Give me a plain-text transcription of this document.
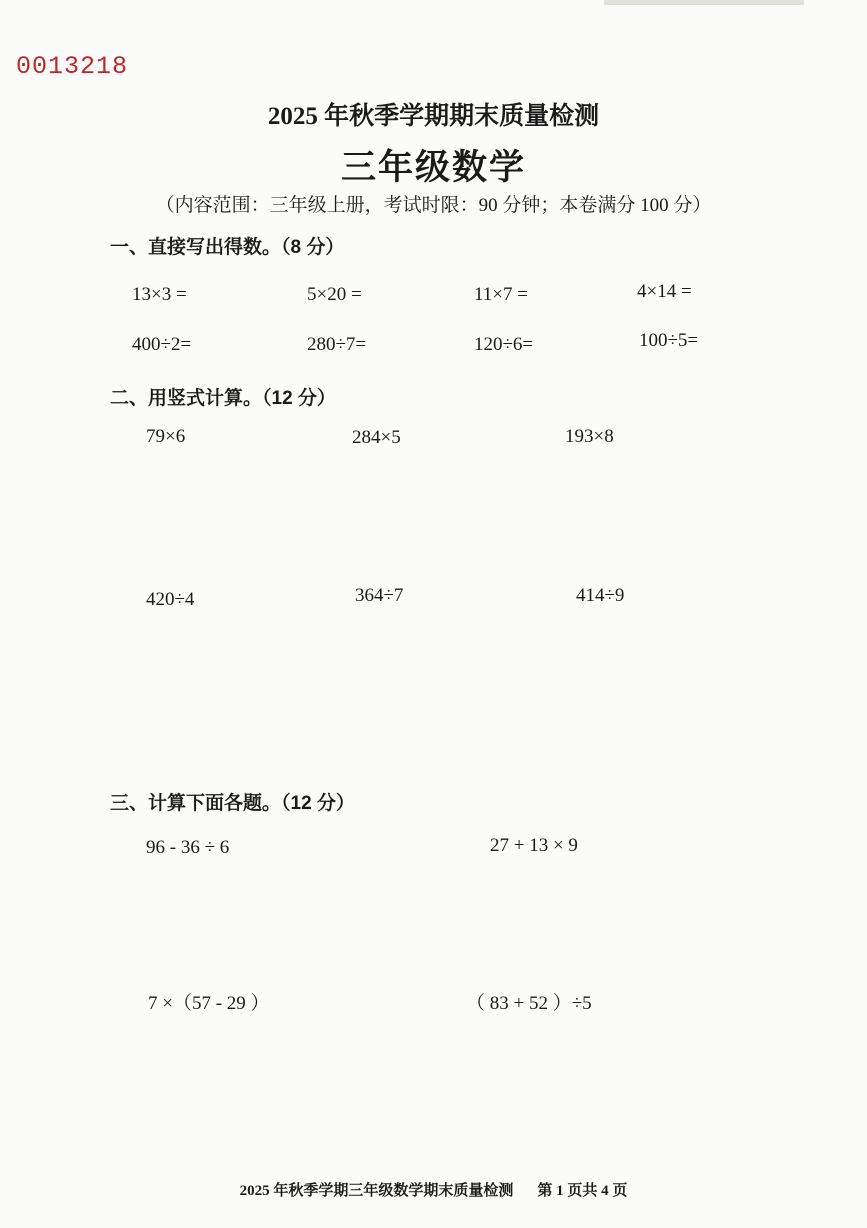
0013218
2025 年秋季学期期末质量检测
三年级数学
（内容范围：三年级上册，考试时限：90 分钟；本卷满分 100 分）
一、直接写出得数。（8 分）
13×3 =	5×20 =	11×7 =	4×14 =
400÷2=	280÷7=	120÷6=	100÷5=
二、用竖式计算。（12 分）
79×6	284×5	193×8
420÷4	364÷7	414÷9
三、计算下面各题。（12 分）
96 - 36 ÷ 6	27 + 13 × 9
7 ×（57 - 29 ）	（ 83 + 52 ）÷5
2025 年秋季学期三年级数学期末质量检测 第 1 页共 4 页
